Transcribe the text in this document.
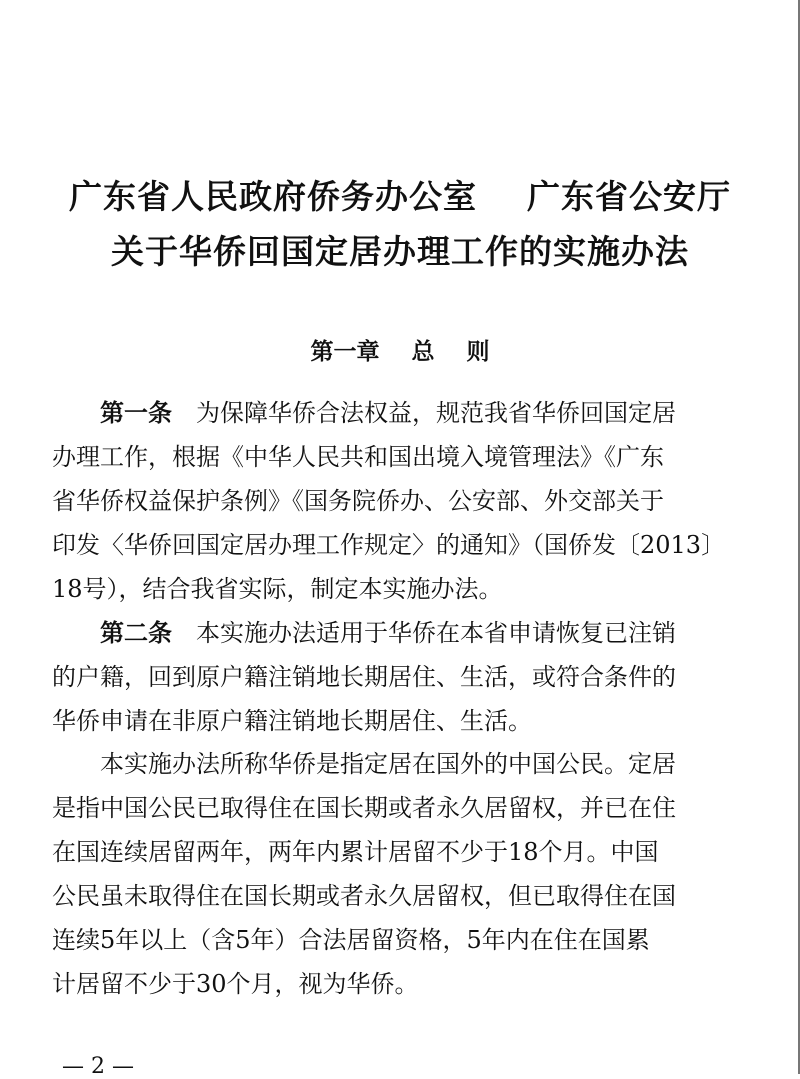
广东省人民政府侨务办公室    广东省公安厅
关于华侨回国定居办理工作的实施办法
第一章    总    则
第一条　 为保障华侨合法权益，规范我省华侨回国定居
办理工作，根据《中华人民共和国出境入境管理法》《广东
省华侨权益保护条例》《国务院侨办、公安部、外交部关于
印发〈华侨回国定居办理工作规定〉的通知》（国侨发〔2013〕
18号），结合我省实际，制定本实施办法。
第二条　 本实施办法适用于华侨在本省申请恢复已注销
的户籍，回到原户籍注销地长期居住、生活，或符合条件的
华侨申请在非原户籍注销地长期居住、生活。
本实施办法所称华侨是指定居在国外的中国公民。定居
是指中国公民已取得住在国长期或者永久居留权，并已在住
在国连续居留两年，两年内累计居留不少于18个月。中国
公民虽未取得住在国长期或者永久居留权，但已取得住在国
连续5年以上（含5年）合法居留资格，5年内在住在国累
计居留不少于30个月，视为华侨。
— 2 —
